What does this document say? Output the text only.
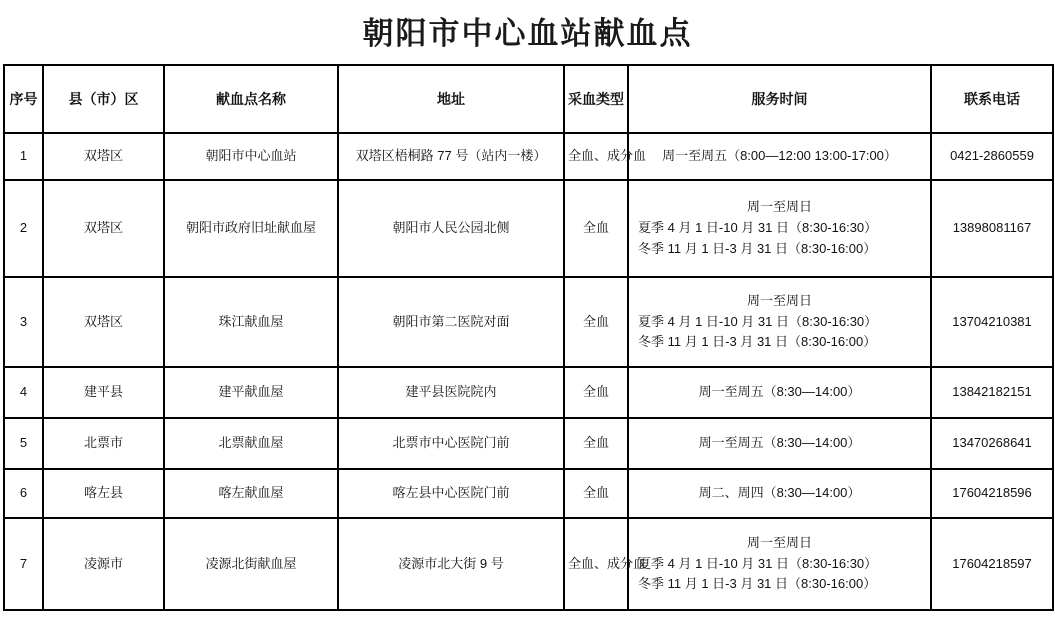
朝阳市中心血站献血点
序号	县（市）区	献血点名称	地址	采血类型	服务时间	联系电话
1	双塔区	朝阳市中心血站	双塔区梧桐路 77 号（站内一楼）	全血、成分血	周一至周五（8:00—12:00 13:00-17:00）	0421-2860559
2	双塔区	朝阳市政府旧址献血屋	朝阳市人民公园北侧	全血	周一至周日
夏季 4 月 1 日-10 月 31 日（8:30-16:30）
冬季 11 月 1 日-3 月 31 日（8:30-16:00）	13898081167
3	双塔区	珠江献血屋	朝阳市第二医院对面	全血	周一至周日
夏季 4 月 1 日-10 月 31 日（8:30-16:30）
冬季 11 月 1 日-3 月 31 日（8:30-16:00）	13704210381
4	建平县	建平献血屋	建平县医院院内	全血	周一至周五（8:30—14:00）	13842182151
5	北票市	北票献血屋	北票市中心医院门前	全血	周一至周五（8:30—14:00）	13470268641
6	喀左县	喀左献血屋	喀左县中心医院门前	全血	周二、周四（8:30—14:00）	17604218596
7	凌源市	凌源北街献血屋	凌源市北大街 9 号	全血、成分血	周一至周日
夏季 4 月 1 日-10 月 31 日（8:30-16:30）
冬季 11 月 1 日-3 月 31 日（8:30-16:00）	17604218597
